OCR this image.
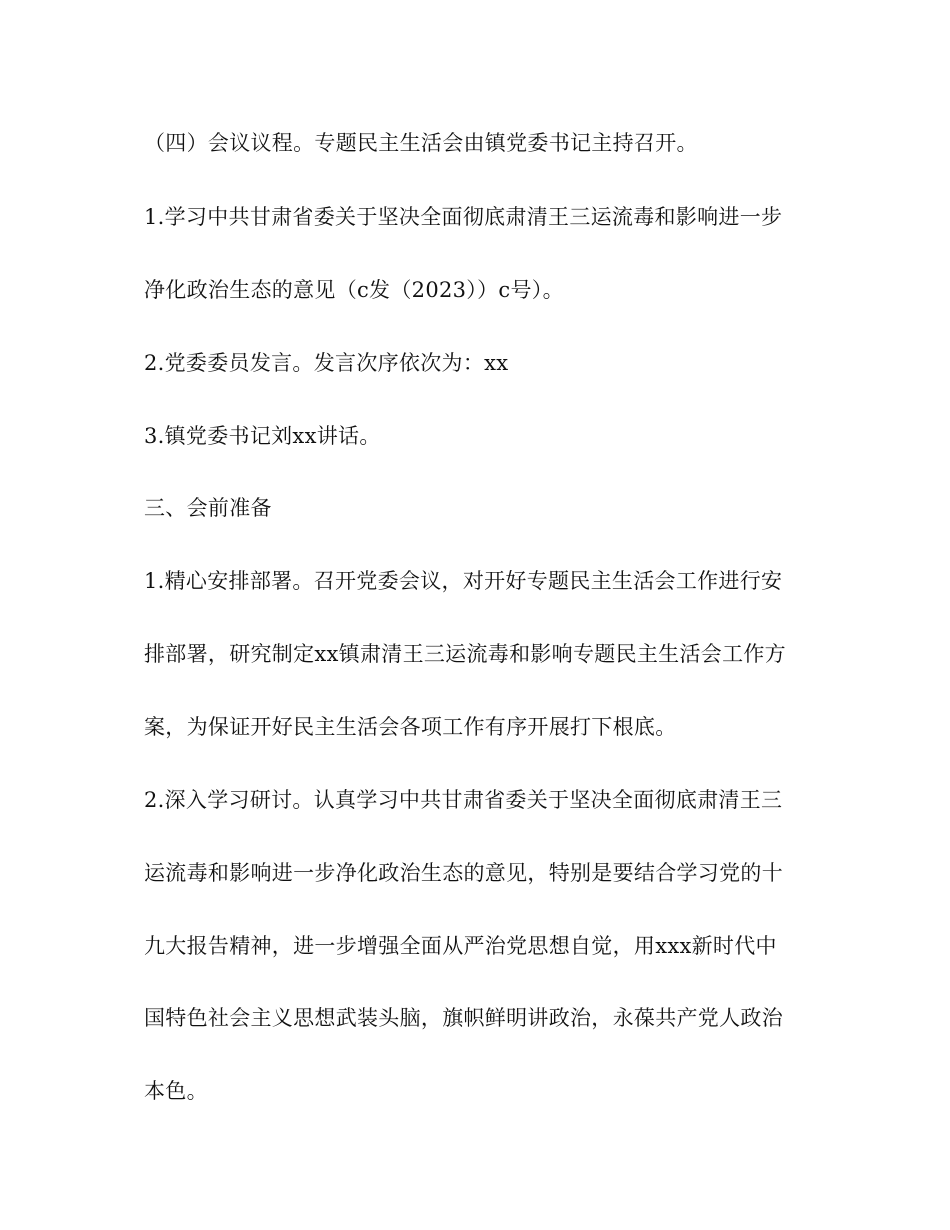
（四）会议议程。专题民主生活会由镇党委书记主持召开。
1.学习中共甘肃省委关于坚决全面彻底肃清王三运流毒和影响进一步
净化政治生态的意见（c发（2023））c号）。
2.党委委员发言。发言次序依次为：xx
3.镇党委书记刘xx讲话。
三、会前准备
1.精心安排部署。召开党委会议，对开好专题民主生活会工作进行安
排部署，研究制定xx镇肃清王三运流毒和影响专题民主生活会工作方
案，为保证开好民主生活会各项工作有序开展打下根底。
2.深入学习研讨。认真学习中共甘肃省委关于坚决全面彻底肃清王三
运流毒和影响进一步净化政治生态的意见，特别是要结合学习党的十
九大报告精神，进一步增强全面从严治党思想自觉，用xxx新时代中
国特色社会主义思想武装头脑，旗帜鲜明讲政治，永葆共产党人政治
本色。
